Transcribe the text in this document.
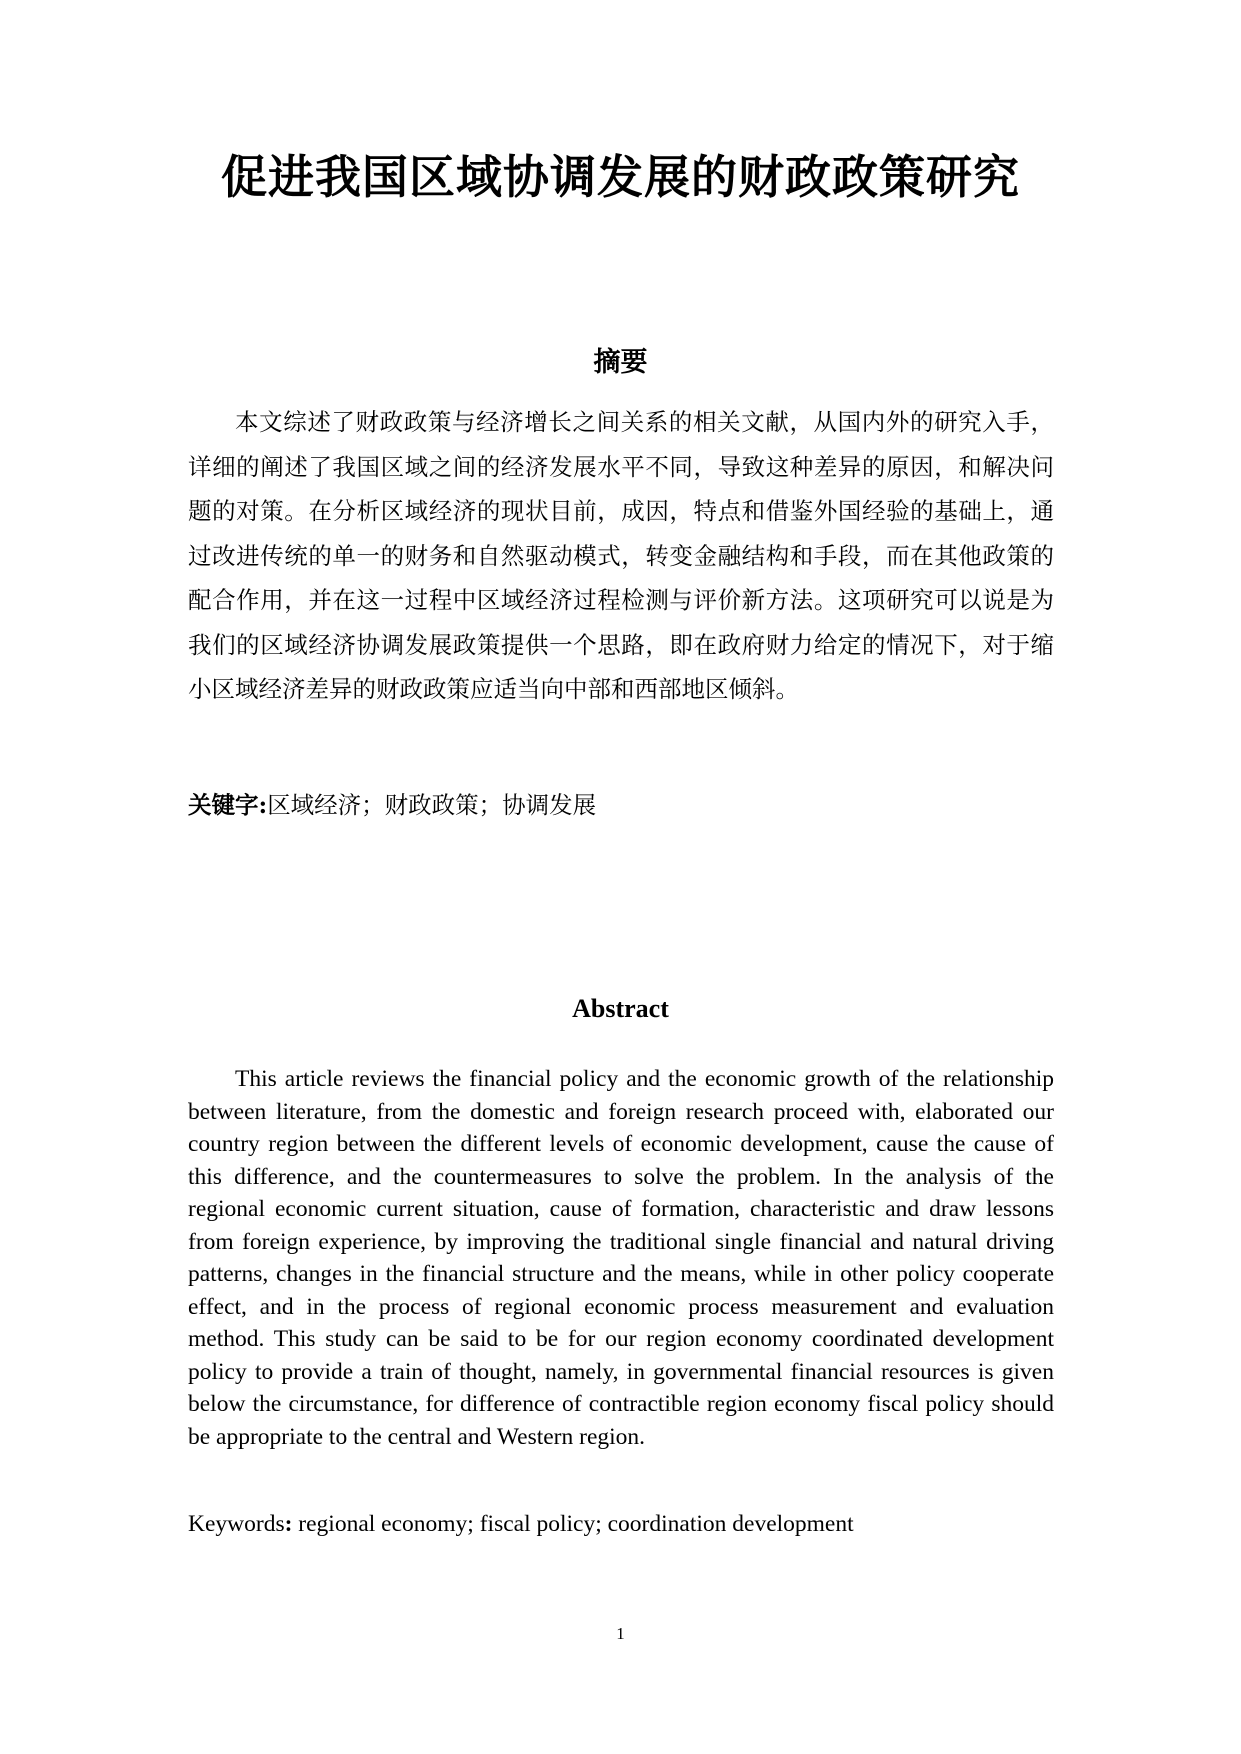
促进我国区域协调发展的财政政策研究
摘要

本文综述了财政政策与经济增长之间关系的相关文献，从国内外的研究入手，详细的阐述了我国区域之间的经济发展水平不同，导致这种差异的原因，和解决问题的对策。在分析区域经济的现状目前，成因，特点和借鉴外国经验的基础上，通过改进传统的单一的财务和自然驱动模式，转变金融结构和手段，而在其他政策的配合作用，并在这一过程中区域经济过程检测与评价新方法。这项研究可以说是为我们的区域经济协调发展政策提供一个思路，即在政府财力给定的情况下，对于缩小区域经济差异的财政政策应适当向中部和西部地区倾斜。

关键字:区域经济；财政政策；协调发展
Abstract

This article reviews the financial policy and the economic growth of the relationship between literature, from the domestic and foreign research proceed with, elaborated our country region between the different levels of economic development, cause the cause of this difference, and the countermeasures to solve the problem. In the analysis of the regional economic current situation, cause of formation, characteristic and draw lessons from foreign experience, by improving the traditional single financial and natural driving patterns, changes in the financial structure and the means, while in other policy cooperate effect, and in the process of regional economic process measurement and evaluation method. This study can be said to be for our region economy coordinated development policy to provide a train of thought, namely, in governmental financial resources is given below the circumstance, for difference of contractible region economy fiscal policy should be appropriate to the central and Western region.

Keywords: regional economy; fiscal policy; coordination development
1
